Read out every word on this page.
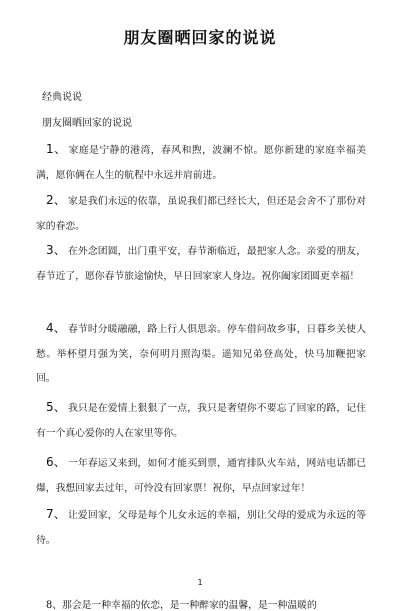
朋友圈晒回家的说说
经典说说
朋友圈晒回家的说说
1、 家庭是宁静的港湾，春风和煦，波澜不惊。愿你新建的家庭幸福美满，愿你俩在人生的航程中永远并肩前进。
2、 家是我们永远的依靠，虽说我们都已经长大，但还是会舍不了那份对家的眷恋。
3、 在外念团圆，出门重平安，春节渐临近，最把家人念。亲爱的朋友，春节近了，愿你春节旅途愉快，早日回家家人身边。祝你阖家团圆更幸福！
4、 春节时分暖融融，路上行人俱思亲。停车借问故乡事，日暮乡关使人愁。举杯望月强为笑，奈何明月照沟渠。遥知兄弟登高处，快马加鞭把家回。
5、 我只是在爱情上狠狠了一点，我只是奢望你不要忘了回家的路，记住有一个真心爱你的人在家里等你。
6、 一年春运又来到，如何才能买到票，通宵排队火车站，网站电话都已爆，我想回家去过年，可怜没有回家票！祝你，早点回家过年！
7、 让爱回家，父母是每个儿女永远的幸福，别让父母的爱成为永远的等待。
1
8、那会是一种幸福的依恋，是一种醉家的温馨，是一种温暖的
